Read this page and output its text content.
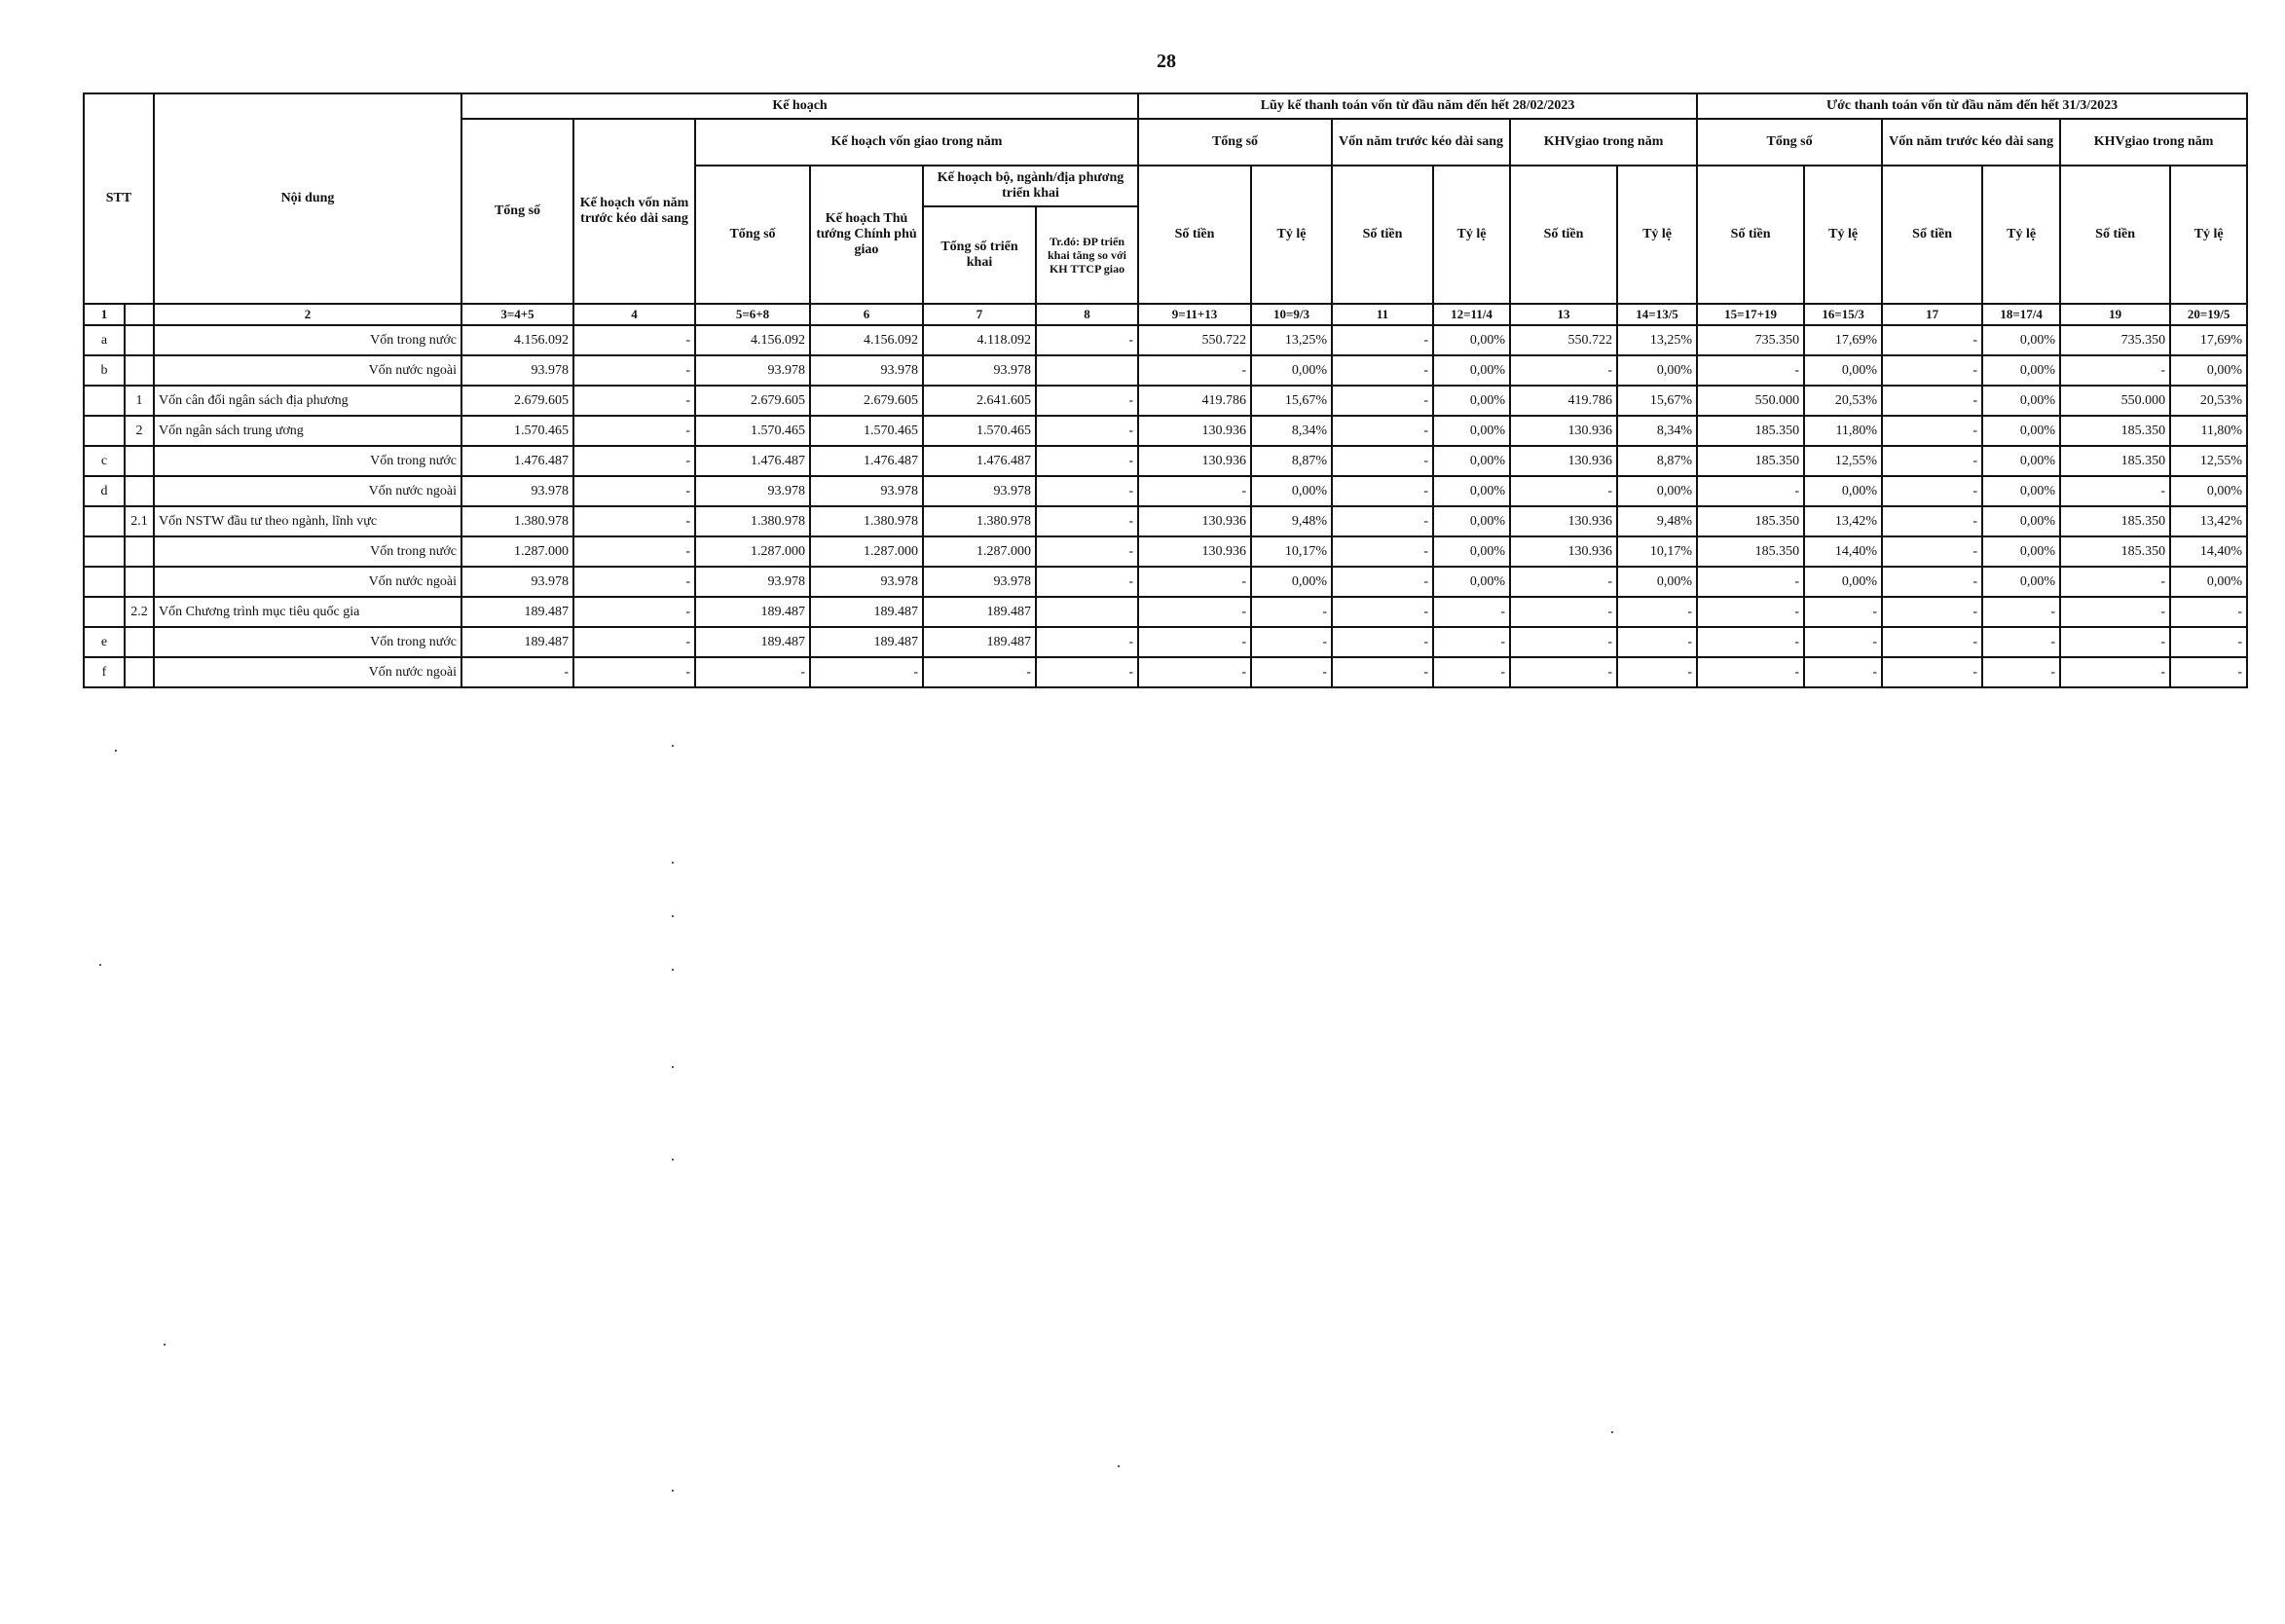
28
STT		Nội dung	Kế hoạch						Lũy kế thanh toán vốn từ đầu năm đến hết 28/02/2023						Ước thanh toán vốn từ đầu năm đến hết 31/3/2023					
			Tổng số	Kế hoạch vốn năm trước kéo dài sang	Kế hoạch vốn giao trong năm				Tổng số		Vốn năm trước kéo dài sang		KHVgiao trong năm		Tổng số		Vốn năm trước kéo dài sang		KHVgiao trong năm	
					Tổng số	Kế hoạch Thủ tướng Chính phủ giao	Kế hoạch bộ, ngành/địa phương triển khai		Số tiền	Tỷ lệ	Số tiền	Tỷ lệ	Số tiền	Tỷ lệ	Số tiền	Tỷ lệ	Số tiền	Tỷ lệ	Số tiền	Tỷ lệ
							Tổng số triển khai	Tr.đó: ĐP triển khai tăng so với KH TTCP giao												
1		2	3=4+5	4	5=6+8	6	7	8	9=11+13	10=9/3	11	12=11/4	13	14=13/5	15=17+19	16=15/3	17	18=17/4	19	20=19/5
a		Vốn trong nước	4.156.092	-	4.156.092	4.156.092	4.118.092	-	550.722	13,25%	-	0,00%	550.722	13,25%	735.350	17,69%	-	0,00%	735.350	17,69%
b		Vốn nước ngoài	93.978	-	93.978	93.978	93.978		-	0,00%	-	0,00%	-	0,00%	-	0,00%	-	0,00%	-	0,00%
	1	Vốn cân đối ngân sách địa phương	2.679.605	-	2.679.605	2.679.605	2.641.605	-	419.786	15,67%	-	0,00%	419.786	15,67%	550.000	20,53%	-	0,00%	550.000	20,53%
	2	Vốn ngân sách trung ương	1.570.465	-	1.570.465	1.570.465	1.570.465	-	130.936	8,34%	-	0,00%	130.936	8,34%	185.350	11,80%	-	0,00%	185.350	11,80%
c		Vốn trong nước	1.476.487	-	1.476.487	1.476.487	1.476.487	-	130.936	8,87%	-	0,00%	130.936	8,87%	185.350	12,55%	-	0,00%	185.350	12,55%
d		Vốn nước ngoài	93.978	-	93.978	93.978	93.978	-	-	0,00%	-	0,00%	-	0,00%	-	0,00%	-	0,00%	-	0,00%
	2.1	Vốn NSTW đầu tư theo ngành, lĩnh vực	1.380.978	-	1.380.978	1.380.978	1.380.978	-	130.936	9,48%	-	0,00%	130.936	9,48%	185.350	13,42%	-	0,00%	185.350	13,42%
		Vốn trong nước	1.287.000	-	1.287.000	1.287.000	1.287.000	-	130.936	10,17%	-	0,00%	130.936	10,17%	185.350	14,40%	-	0,00%	185.350	14,40%
		Vốn nước ngoài	93.978	-	93.978	93.978	93.978	-	-	0,00%	-	0,00%	-	0,00%	-	0,00%	-	0,00%	-	0,00%
	2.2	Vốn Chương trình mục tiêu quốc gia	189.487	-	189.487	189.487	189.487		-	-	-	-	-	-	-	-	-	-	-	-
e		Vốn trong nước	189.487	-	189.487	189.487	189.487	-	-	-	-	-	-	-	-	-	-	-	-	-
f		Vốn nước ngoài	-	-	-	-	-	-	-	-	-	-	-	-	-	-	-	-	-	-
